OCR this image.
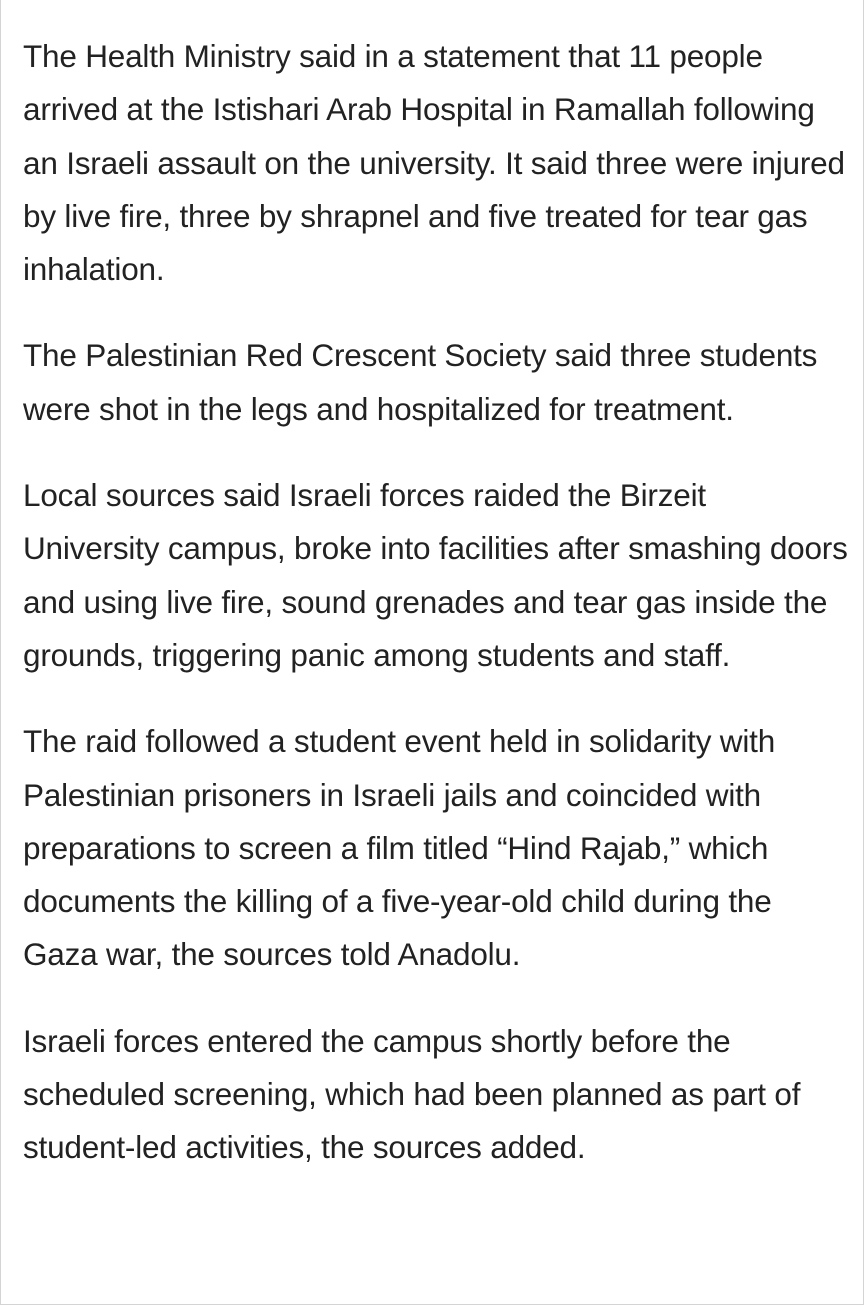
The Health Ministry said in a statement that 11 people arrived at the Istishari Arab Hospital in Ramallah following an Israeli assault on the university. It said three were injured by live fire, three by shrapnel and five treated for tear gas inhalation.

The Palestinian Red Crescent Society said three students were shot in the legs and hospitalized for treatment.

Local sources said Israeli forces raided the Birzeit University campus, broke into facilities after smashing doors and using live fire, sound grenades and tear gas inside the grounds, triggering panic among students and staff.

The raid followed a student event held in solidarity with Palestinian prisoners in Israeli jails and coincided with preparations to screen a film titled “Hind Rajab,” which documents the killing of a five-year-old child during the Gaza war, the sources told Anadolu.

Israeli forces entered the campus shortly before the scheduled screening, which had been planned as part of student-led activities, the sources added.
